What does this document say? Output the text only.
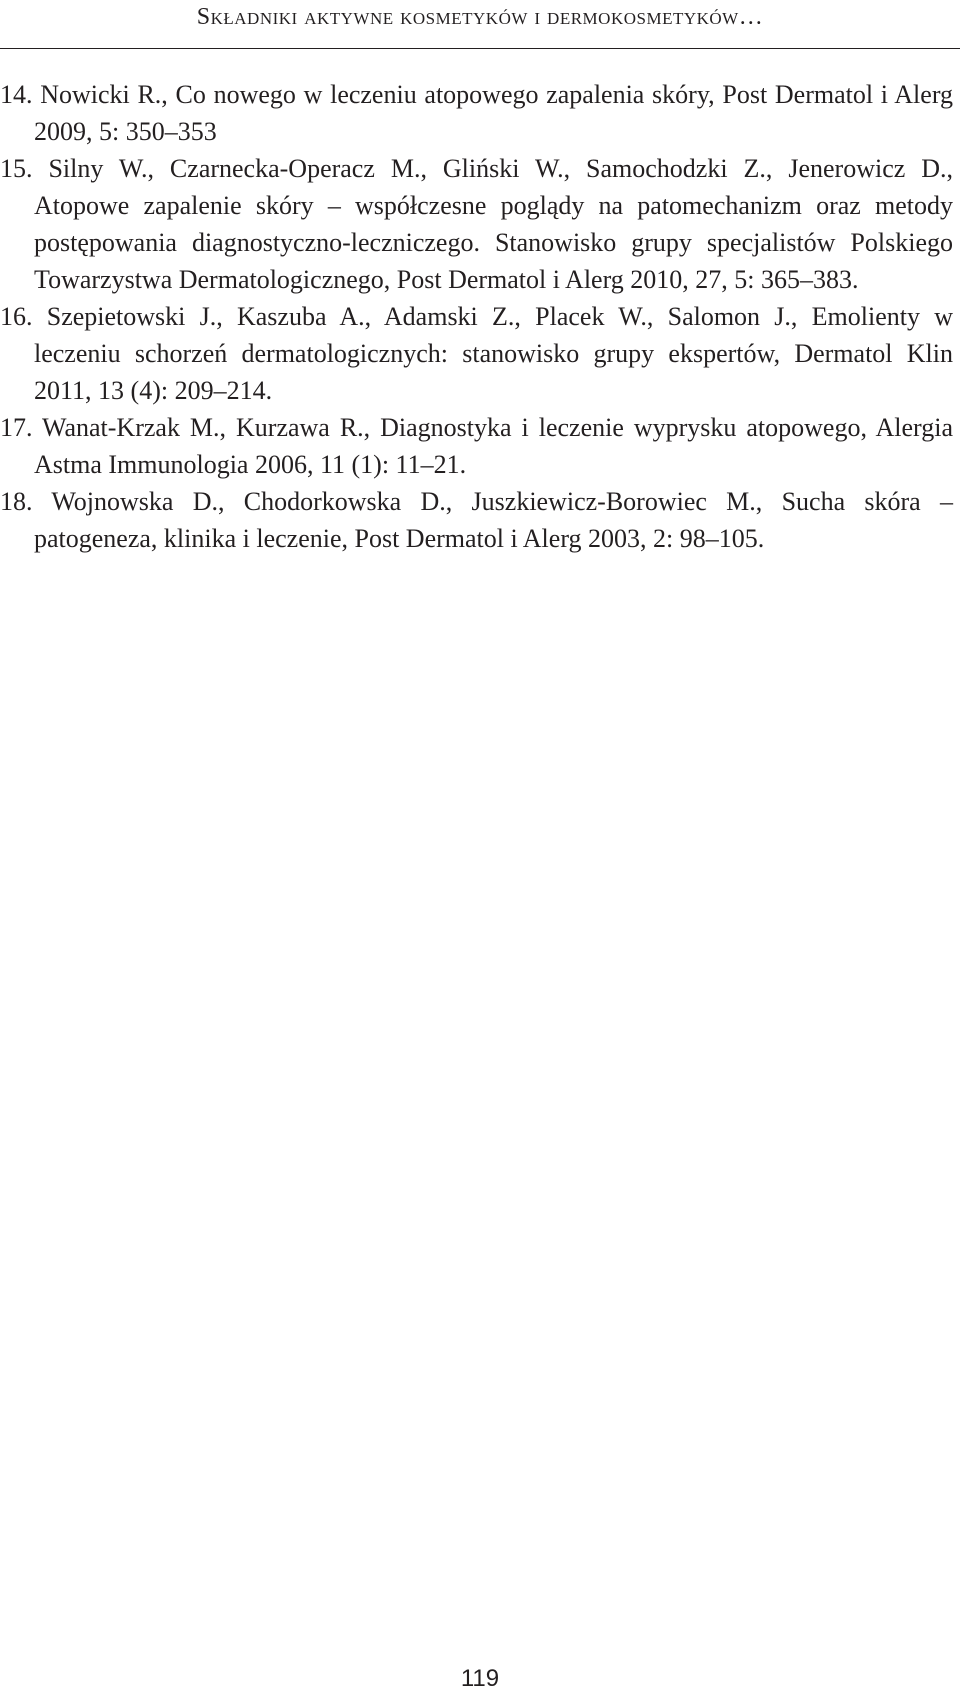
Składniki aktywne kosmetyków i dermokosmetyków…
14. Nowicki R., Co nowego w leczeniu atopowego zapalenia skóry, Post Dermatol i Alerg 2009, 5: 350–353
15. Silny W., Czarnecka-Operacz M., Gliński W., Samochodzki Z., Jenerowicz D., Atopowe zapalenie skóry – współczesne poglądy na patomechanizm oraz metody postępowania diagnostyczno-leczniczego. Stanowisko grupy specjalistów Polskiego Towarzystwa Dermatologicznego, Post Dermatol i Alerg 2010, 27, 5: 365–383.
16. Szepietowski J., Kaszuba A., Adamski Z., Placek W., Salomon J., Emolienty w leczeniu schorzeń dermatologicznych: stanowisko grupy ekspertów, Dermatol Klin 2011, 13 (4): 209–214.
17. Wanat-Krzak M., Kurzawa R., Diagnostyka i leczenie wyprysku atopowego, Alergia Astma Immunologia 2006, 11 (1): 11–21.
18. Wojnowska D., Chodorkowska D., Juszkiewicz-Borowiec M., Sucha skóra – patogeneza, klinika i leczenie, Post Dermatol i Alerg 2003, 2: 98–105.
119
